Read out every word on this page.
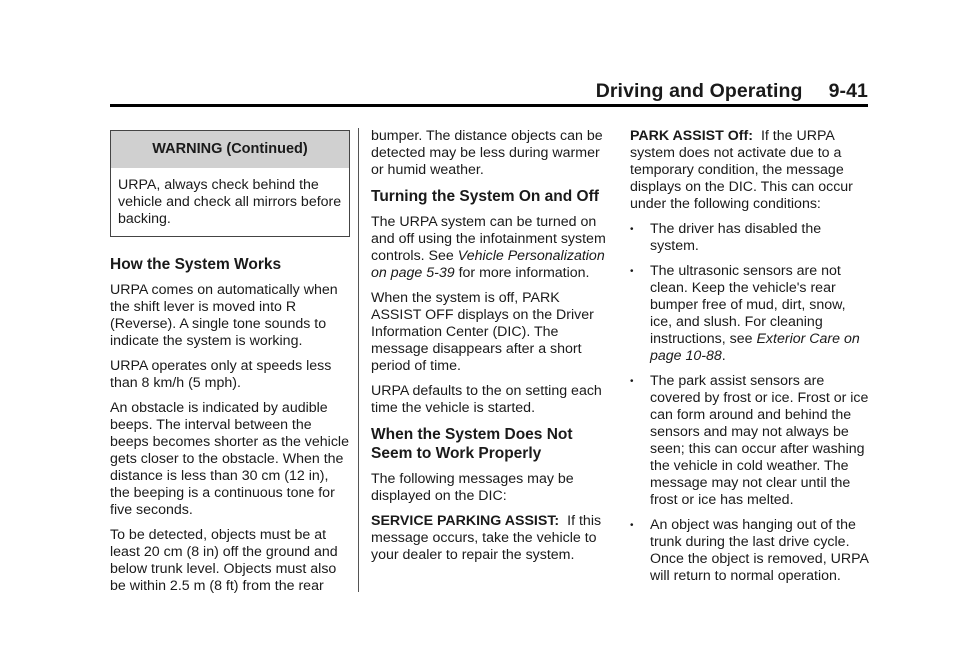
Driving and Operating 9-41
WARNING (Continued)
URPA, always check behind the vehicle and check all mirrors before backing.
How the System Works

URPA comes on automatically when the shift lever is moved into R (Reverse). A single tone sounds to indicate the system is working.

URPA operates only at speeds less than 8 km/h (5 mph).

An obstacle is indicated by audible beeps. The interval between the beeps becomes shorter as the vehicle gets closer to the obstacle. When the distance is less than 30 cm (12 in), the beeping is a continuous tone for five seconds.

To be detected, objects must be at least 20 cm (8 in) off the ground and below trunk level. Objects must also be within 2.5 m (8 ft) from the rear

bumper. The distance objects can be detected may be less during warmer or humid weather.

Turning the System On and Off

The URPA system can be turned on and off using the infotainment system controls. See Vehicle Personalization on page 5-39 for more information.

When the system is off, PARK ASSIST OFF displays on the Driver Information Center (DIC). The message disappears after a short period of time.

URPA defaults to the on setting each time the vehicle is started.

When the System Does Not Seem to Work Properly

The following messages may be displayed on the DIC:

SERVICE PARKING ASSIST: If this message occurs, take the vehicle to your dealer to repair the system.

PARK ASSIST Off: If the URPA system does not activate due to a temporary condition, the message displays on the DIC. This can occur under the following conditions:

• The driver has disabled the system.
• The ultrasonic sensors are not clean. Keep the vehicle's rear bumper free of mud, dirt, snow, ice, and slush. For cleaning instructions, see Exterior Care on page 10-88.
• The park assist sensors are covered by frost or ice. Frost or ice can form around and behind the sensors and may not always be seen; this can occur after washing the vehicle in cold weather. The message may not clear until the frost or ice has melted.
• An object was hanging out of the trunk during the last drive cycle. Once the object is removed, URPA will return to normal operation.
